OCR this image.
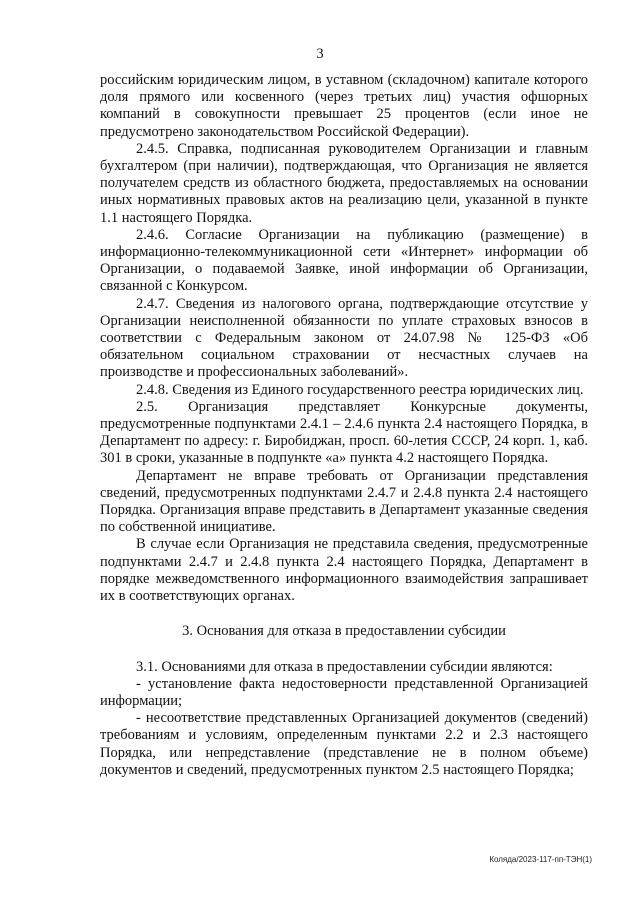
3

российским юридическим лицом, в уставном (складочном) капитале которого доля прямого или косвенного (через третьих лиц) участия офшорных компаний в совокупности превышает 25 процентов (если иное не предусмотрено законодательством Российской Федерации).

2.4.5. Справка, подписанная руководителем Организации и главным бухгалтером (при наличии), подтверждающая, что Организация не является получателем средств из областного бюджета, предоставляемых на основании иных нормативных правовых актов на реализацию цели, указанной в пункте 1.1 настоящего Порядка.

2.4.6. Согласие Организации на публикацию (размещение) в информационно-телекоммуникационной сети «Интернет» информации об Организации, о подаваемой Заявке, иной информации об Организации, связанной с Конкурсом.

2.4.7. Сведения из налогового органа, подтверждающие отсутствие у Организации неисполненной обязанности по уплате страховых взносов в соответствии с Федеральным законом от 24.07.98 № 125-ФЗ «Об обязательном социальном страховании от несчастных случаев на производстве и профессиональных заболеваний».

2.4.8. Сведения из Единого государственного реестра юридических лиц.

2.5. Организация представляет Конкурсные документы, предусмотренные подпунктами 2.4.1 – 2.4.6 пункта 2.4 настоящего Порядка, в Департамент по адресу: г. Биробиджан, просп. 60-летия СССР, 24 корп. 1, каб. 301 в сроки, указанные в подпункте «а» пункта 4.2 настоящего Порядка.

Департамент не вправе требовать от Организации представления сведений, предусмотренных подпунктами 2.4.7 и 2.4.8 пункта 2.4 настоящего Порядка. Организация вправе представить в Департамент указанные сведения по собственной инициативе.

В случае если Организация не представила сведения, предусмотренные подпунктами 2.4.7 и 2.4.8 пункта 2.4 настоящего Порядка, Департамент в порядке межведомственного информационного взаимодействия запрашивает их в соответствующих органах.

3. Основания для отказа в предоставлении субсидии

3.1. Основаниями для отказа в предоставлении субсидии являются:

- установление факта недостоверности представленной Организацией информации;

- несоответствие представленных Организацией документов (сведений) требованиям и условиям, определенным пунктами 2.2 и 2.3 настоящего Порядка, или непредставление (представление не в полном объеме) документов и сведений, предусмотренных пунктом 2.5 настоящего Порядка;

Коляда/2023-117-пп-ТЭН(1)
